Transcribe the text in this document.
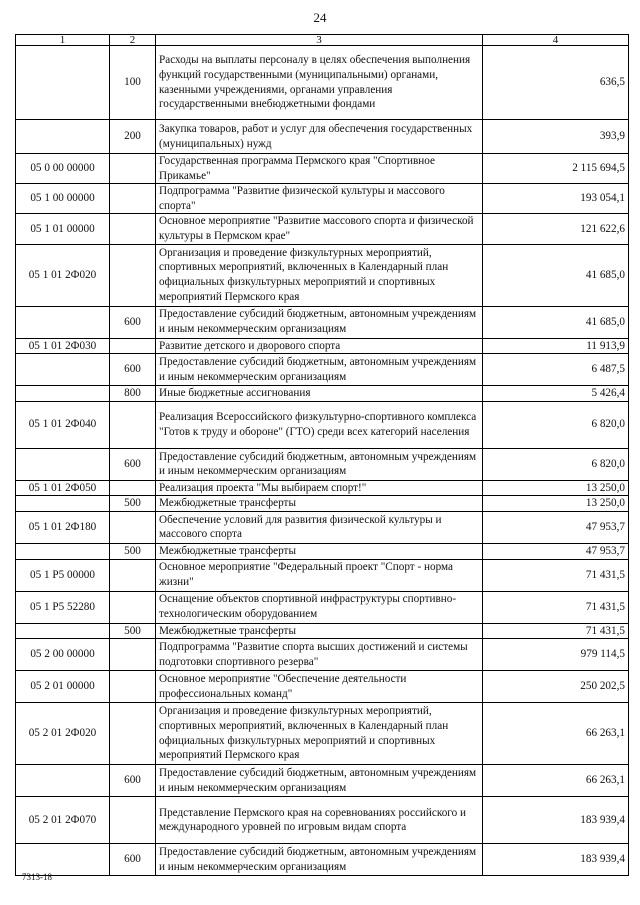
24
1	2	3	4
	100	Расходы на выплаты персоналу в целях обеспечения выполнения функций государственными (муниципальными) органами, казенными учреждениями, органами управления государственными внебюджетными фондами	636,5
	200	Закупка товаров, работ и услуг для обеспечения государственных (муниципальных) нужд	393,9
05 0 00 00000		Государственная программа Пермского края "Спортивное Прикамье"	2 115 694,5
05 1 00 00000		Подпрограмма "Развитие физической культуры и массового спорта"	193 054,1
05 1 01 00000		Основное мероприятие "Развитие массового спорта и физической культуры в Пермском крае"	121 622,6
05 1 01 2Ф020		Организация и проведение физкультурных мероприятий, спортивных мероприятий, включенных в Календарный план официальных физкультурных мероприятий и спортивных мероприятий Пермского края	41 685,0
	600	Предоставление субсидий бюджетным, автономным учреждениям и иным некоммерческим организациям	41 685,0
05 1 01 2Ф030		Развитие детского и дворового спорта	11 913,9
	600	Предоставление субсидий бюджетным, автономным учреждениям и иным некоммерческим организациям	6 487,5
	800	Иные бюджетные ассигнования	5 426,4
05 1 01 2Ф040		Реализация Всероссийского физкультурно-спортивного комплекса "Готов к труду и обороне" (ГТО) среди всех категорий населения	6 820,0
	600	Предоставление субсидий бюджетным, автономным учреждениям и иным некоммерческим организациям	6 820,0
05 1 01 2Ф050		Реализация проекта "Мы выбираем спорт!"	13 250,0
	500	Межбюджетные трансферты	13 250,0
05 1 01 2Ф180		Обеспечение условий для развития физической культуры и массового спорта	47 953,7
	500	Межбюджетные трансферты	47 953,7
05 1 P5 00000		Основное мероприятие "Федеральный проект "Спорт - норма жизни"	71 431,5
05 1 P5 52280		Оснащение объектов спортивной инфраструктуры спортивно-технологическим оборудованием	71 431,5
	500	Межбюджетные трансферты	71 431,5
05 2 00 00000		Подпрограмма "Развитие спорта высших достижений и системы подготовки спортивного резерва"	979 114,5
05 2 01 00000		Основное мероприятие "Обеспечение деятельности профессиональных команд"	250 202,5
05 2 01 2Ф020		Организация и проведение физкультурных мероприятий, спортивных мероприятий, включенных в Календарный план официальных физкультурных мероприятий и спортивных мероприятий Пермского края	66 263,1
	600	Предоставление субсидий бюджетным, автономным учреждениям и иным некоммерческим организациям	66 263,1
05 2 01 2Ф070		Представление Пермского края на соревнованиях российского и международного уровней по игровым видам спорта	183 939,4
	600	Предоставление субсидий бюджетным, автономным учреждениям и иным некоммерческим организациям	183 939,4
7313-18
